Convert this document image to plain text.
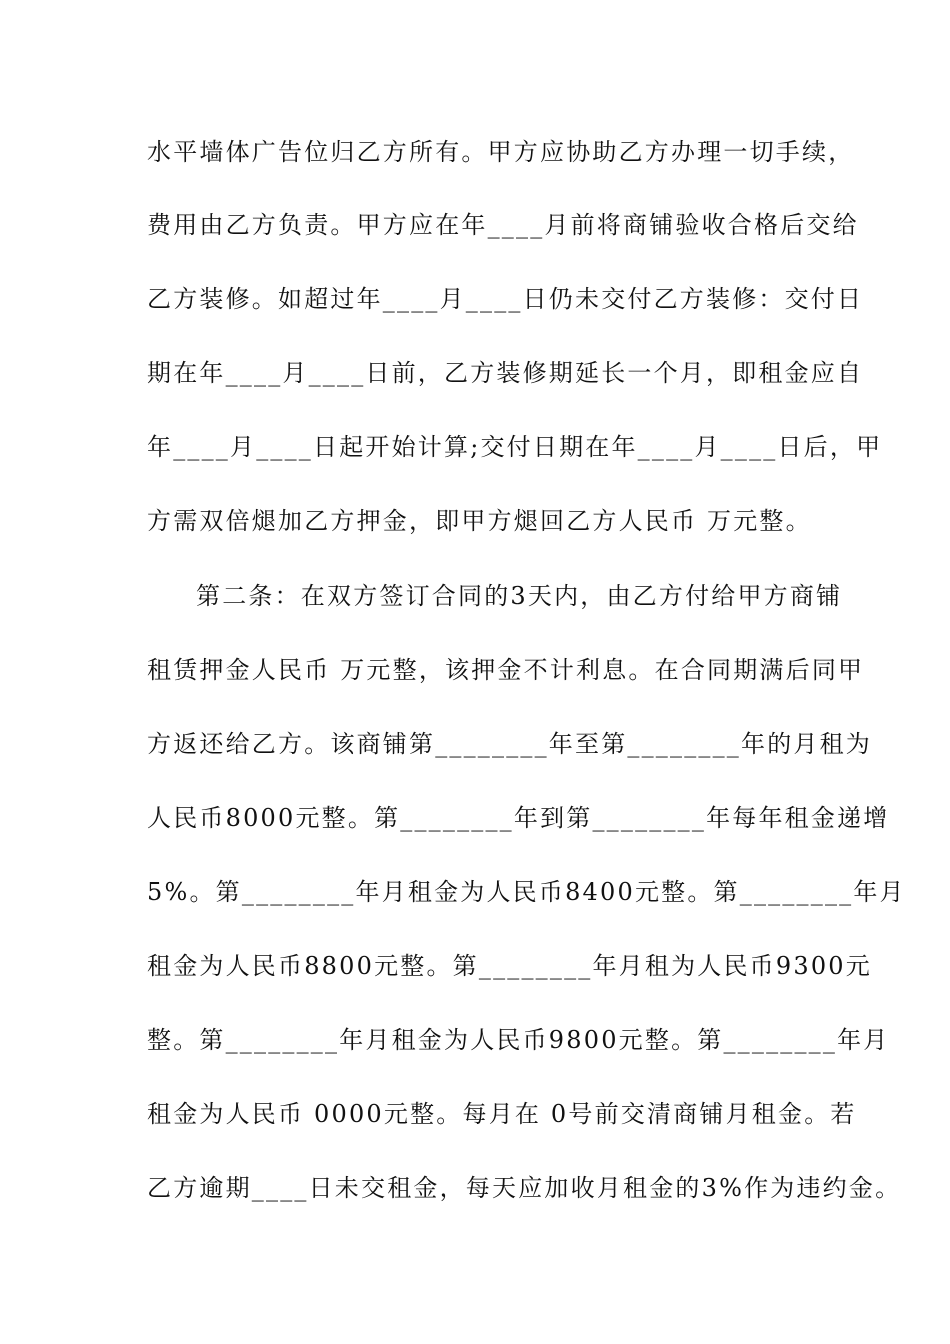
水平墙体广告位归乙方所有。甲方应协助乙方办理一切手续，
费用由乙方负责。甲方应在年____月前将商铺验收合格后交给
乙方装修。如超过年____月____日仍未交付乙方装修：交付日
期在年____月____日前，乙方装修期延长一个月，即租金应自
年____月____日起开始计算;交付日期在年____月____日后，甲
方需双倍煺加乙方押金，即甲方煺回乙方人民币 万元整。
第二条：在双方签订合同的3天内，由乙方付给甲方商铺
租赁押金人民币 万元整，该押金不计利息。在合同期满后同甲
方返还给乙方。该商铺第________年至第________年的月租为
人民币8000元整。第________年到第________年每年租金递增
5%。第________年月租金为人民币8400元整。第________年月
租金为人民币8800元整。第________年月租为人民币9300元
整。第________年月租金为人民币9800元整。第________年月
租金为人民币 0000元整。每月在 0号前交清商铺月租金。若
乙方逾期____日未交租金，每天应加收月租金的3%作为违约金。
